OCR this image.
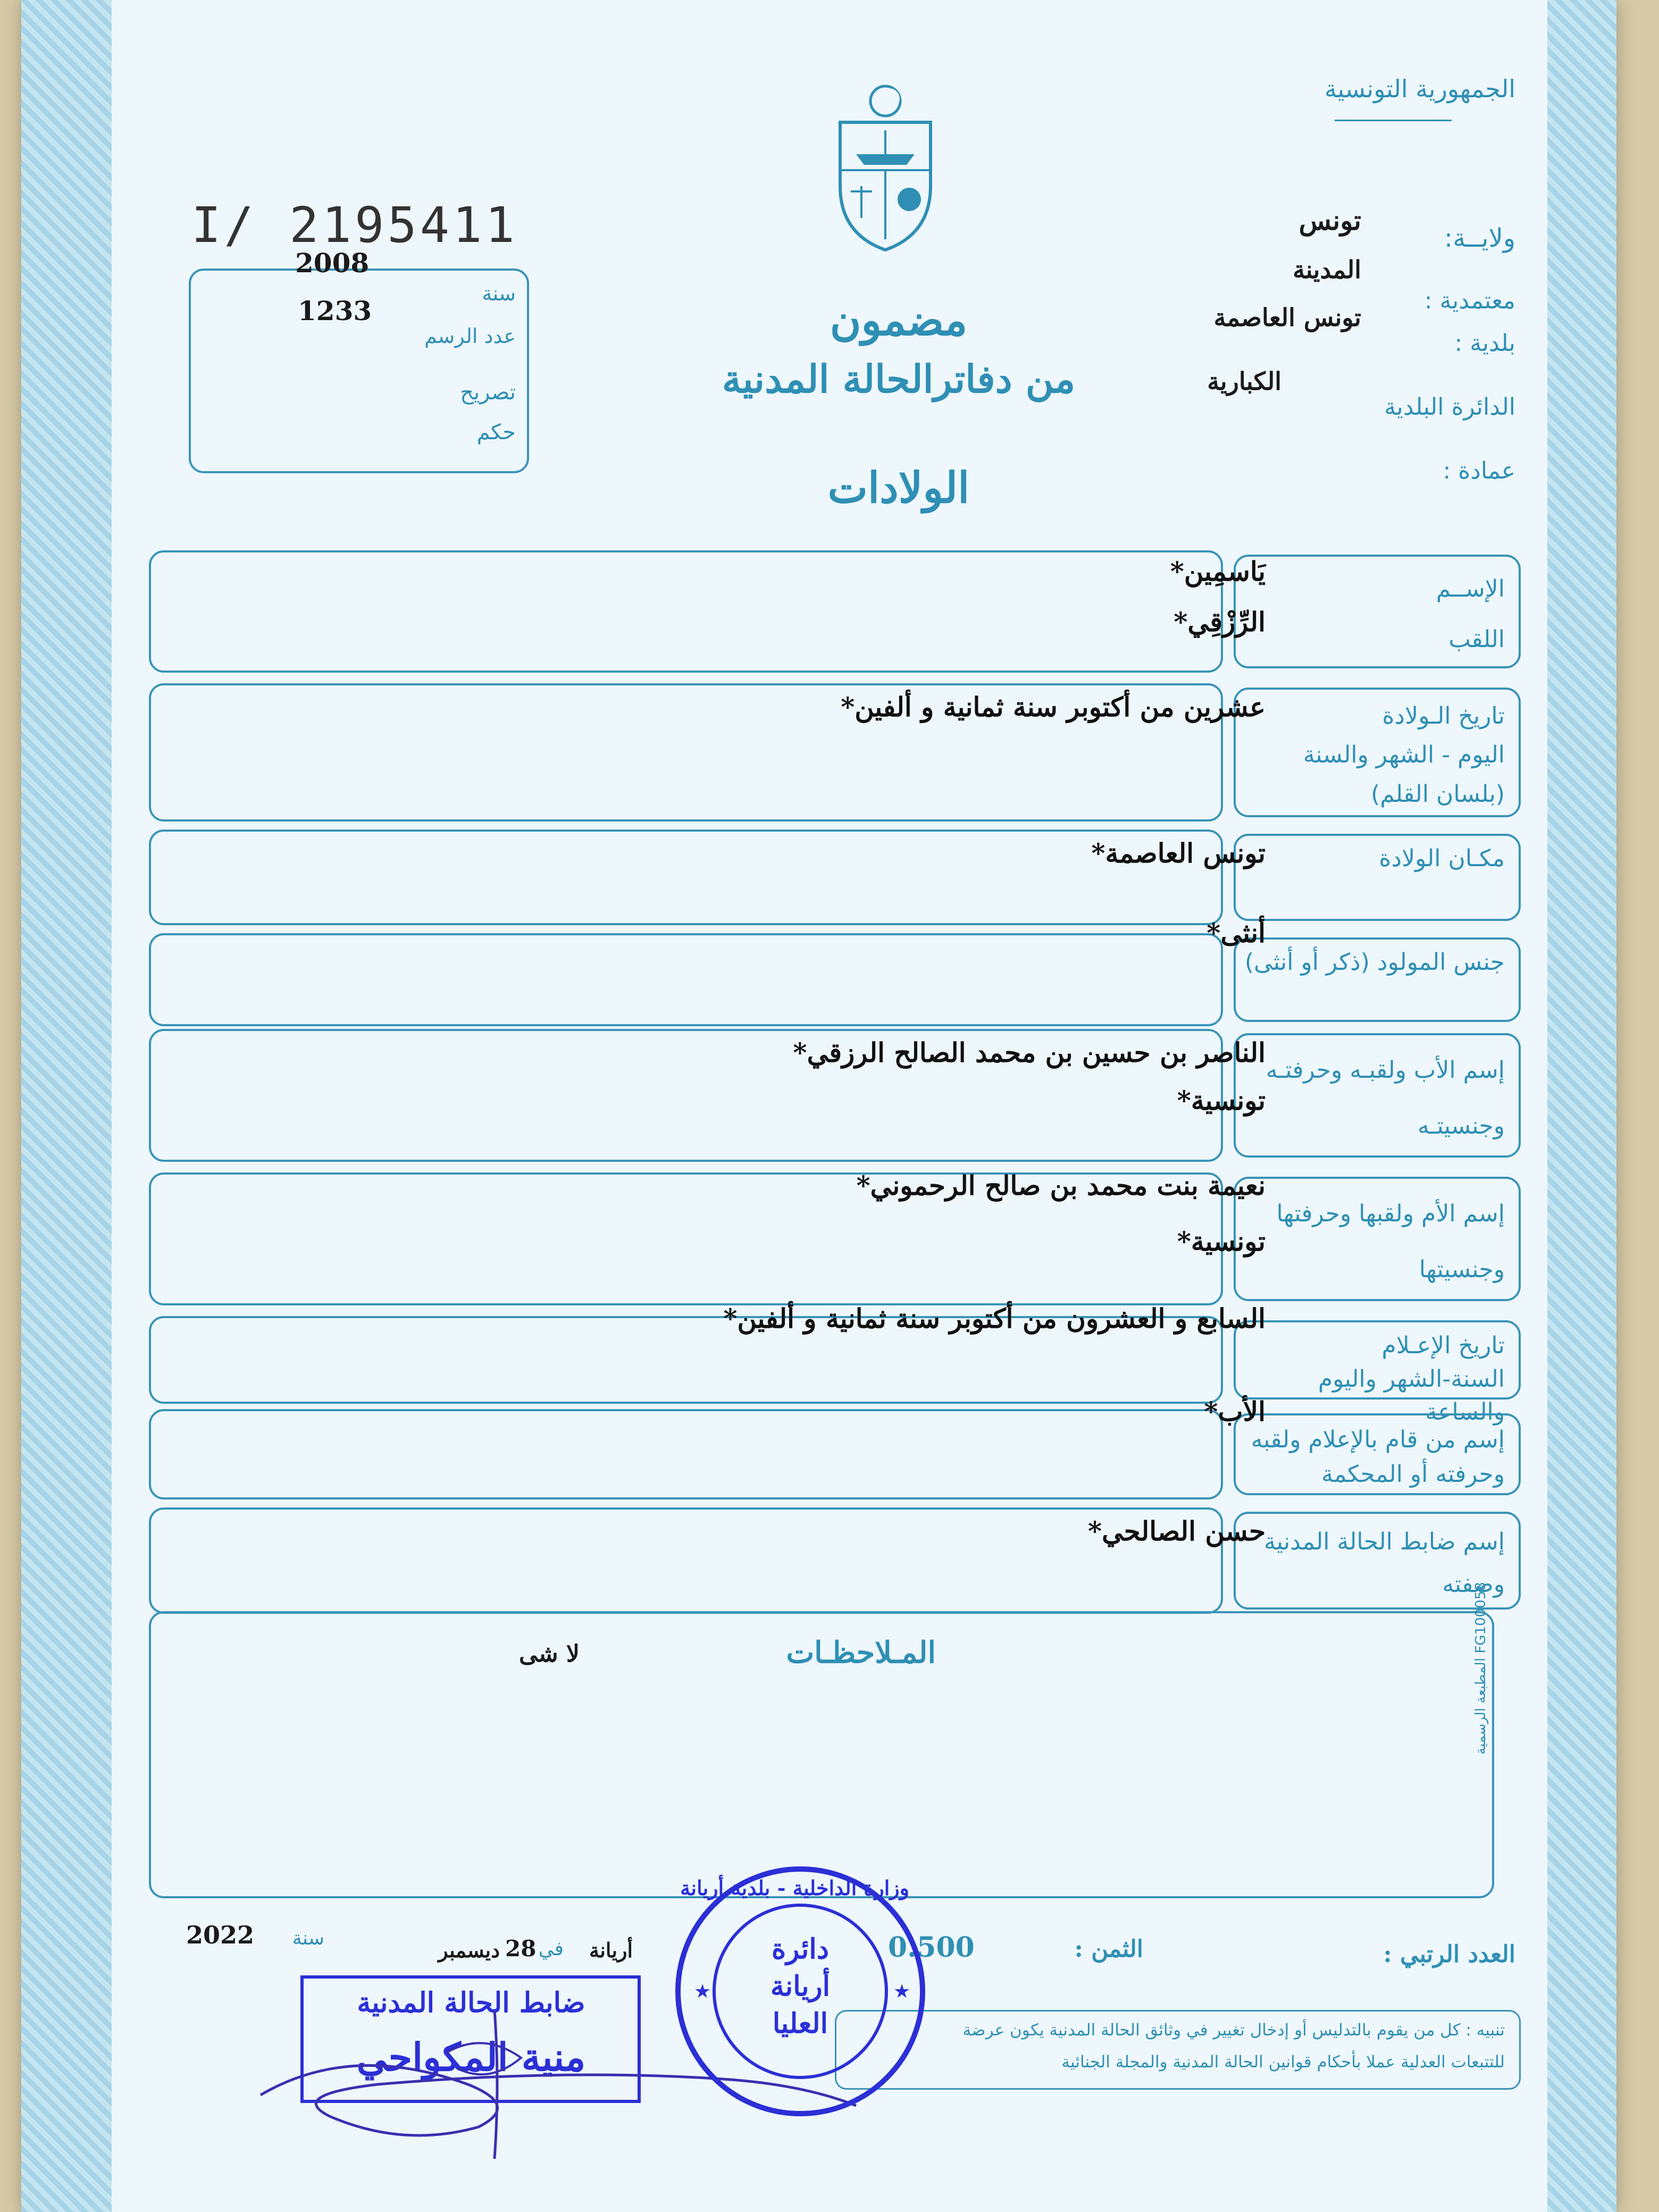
الجمهورية التونسية
I/ 2195411
2008
1233
سنة
عدد الرسم
تصريح
حكم
مضمون
من دفاترالحالة المدنية
الولادات
ولايــة:
تونس
معتمدية :
المدينة
بلدية :
تونس العاصمة
الدائرة البلدية
الكبارية
عمادة :
الإســم
اللقب
يَاسمِين*
الرِّزْقِي*
تاريخ الـولادة
اليوم - الشهر والسنة
(بلسان القلم)
عشرين من أكتوبر سنة ثمانية و ألفين*
مكـان الولادة
تونس العاصمة*
جنس المولود (ذكر أو أنثى)
أنثى*
إسم الأب ولقبـه وحرفتـه
وجنسيتـه
الناصر بن حسين بن محمد الصالح الرزقي*
تونسية*
إسم الأم ولقبها وحرفتها
وجنسيتها
نعيمة بنت محمد بن صالح الرحموني*
تونسية*
تاريخ الإعـلام
السنة-الشهر واليوم والساعة
السابع و العشرون من أكتوبر سنة ثمانية و ألفين*
إسم من قام بالإعلام ولقبه
وحرفته أو المحكمة
الأب*
إسم ضابط الحالة المدنية
وصفته
حسن الصالحي*
المـلاحظـات
لا شى
المطبعة الرسمية FG100058
العدد الرتبي :
الثمن :
0.500
أريانة
في
28
ديسمبر
سنة
2022
تنبيه : كل من يقوم بالتدليس أو إدخال تغيير في وثائق الحالة المدنية يكون عرضة
للتتبعات العدلية عملا بأحكام قوانين الحالة المدنية والمجلة الجنائية
ضابط الحالة المدنية
منية المكواحي
وزارة الداخلية - بلدية أريانة
دائرة
أريانة
العليا
★	★
